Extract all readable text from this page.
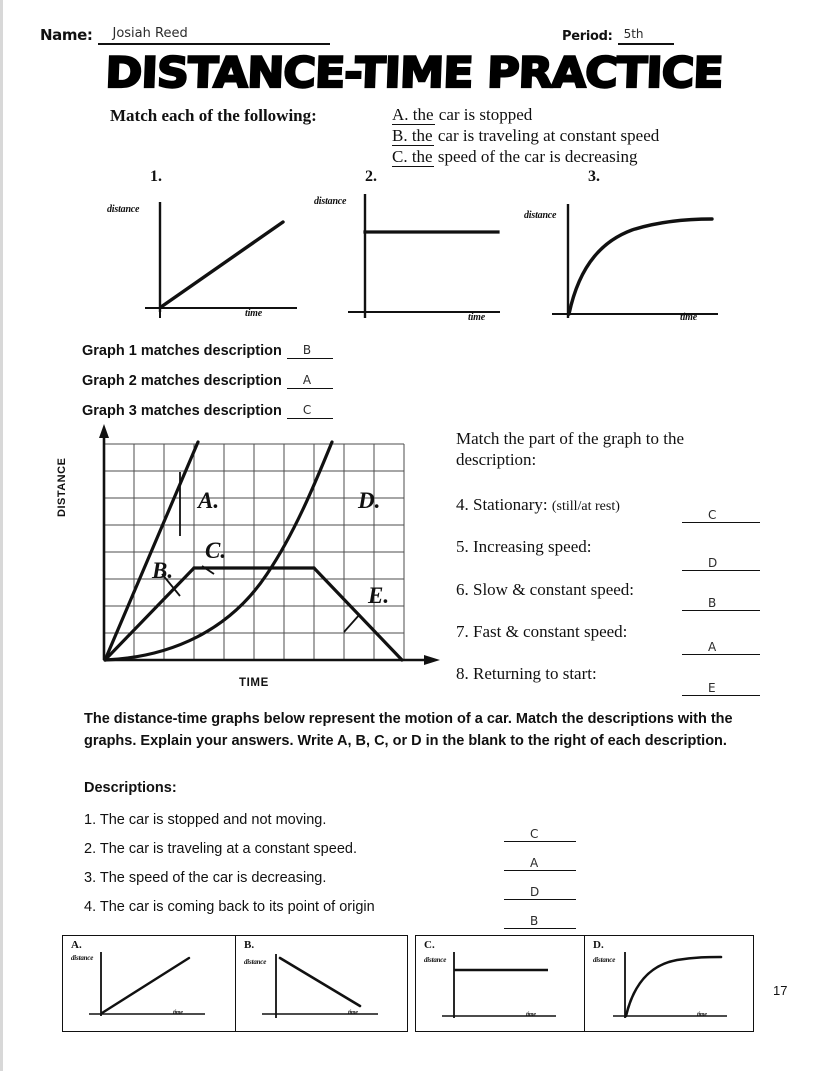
Name: Josiah Reed	Period: 5th
DISTANCE-TIME PRACTICE
Match each of the following:	A. the car is stopped
B. the car is traveling at constant speed
C. the speed of the car is decreasing
1.	2.	3.
distance
time
distance
time
distance
time
Graph 1 matches description B
Graph 2 matches description A
Graph 3 matches description C
DISTANCE
TIME
A.
B.
C.
D.
E.
Match the part of the graph to the
description:
4. Stationary: (still/at rest)
C
5. Increasing speed:
D
6. Slow & constant speed:
B
7. Fast & constant speed:
A
8. Returning to start:
E
The distance-time graphs below represent the motion of a car. Match the descriptions with the graphs. Explain your answers. Write A, B, C, or D in the blank to the right of each description.
Descriptions:
1. The car is stopped and not moving.
C
2. The car is traveling at a constant speed.
A
3. The speed of the car is decreasing.
D
4. The car is coming back to its point of origin
B
A.
distance
time
B.
distance
time
C.
distance
time
D.
distance
time
17
